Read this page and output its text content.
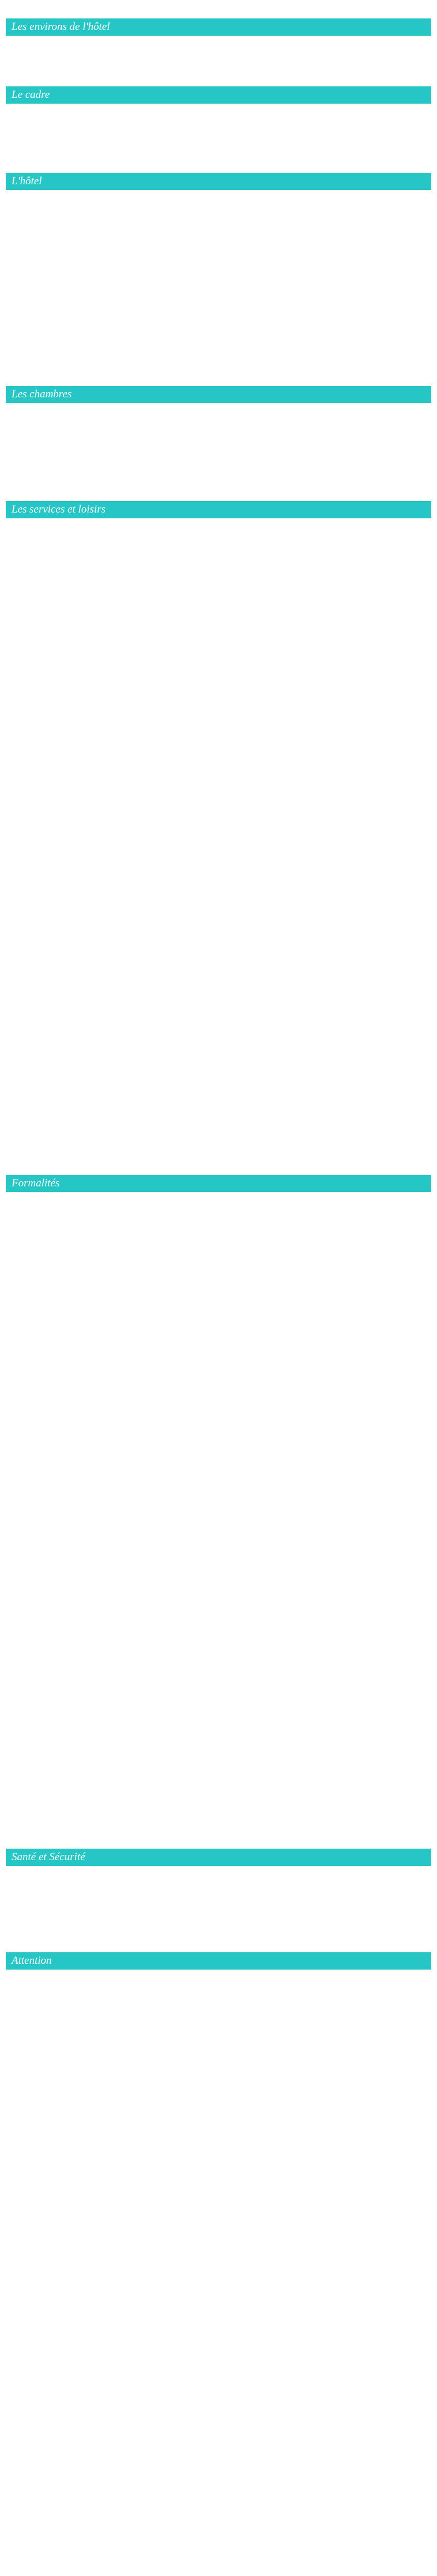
Les environs de l'hôtel

Le cadre

L'hôtel

Les chambres

Les services et loisirs

Formalités

Santé et Sécurité

Attention
